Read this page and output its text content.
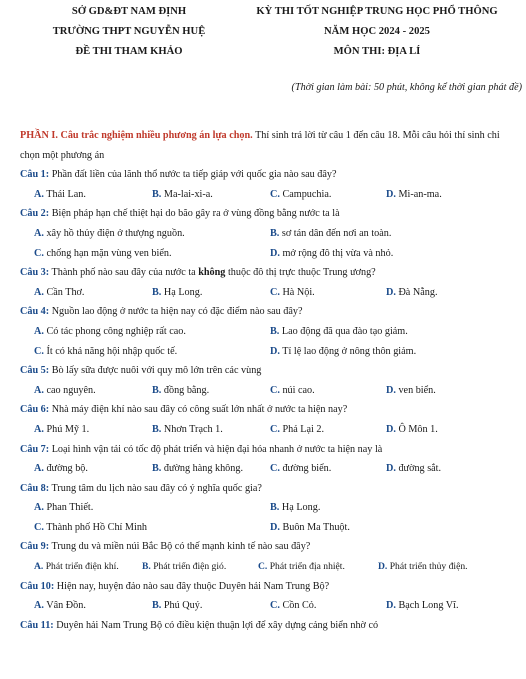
SỞ GD&ĐT NAM ĐỊNH
TRƯỜNG THPT NGUYỄN HUỆ
ĐỀ THI THAM KHẢO
KỲ THI TỐT NGHIỆP TRUNG HỌC PHỔ THÔNG
NĂM HỌC 2024 - 2025
MÔN THI: ĐỊA LÍ
(Thời gian làm bài: 50 phút, không kể thời gian phát đề)

PHẦN I. Câu trắc nghiệm nhiều phương án lựa chọn. Thí sinh trả lời từ câu 1 đến câu 18. Mỗi câu hỏi thí sinh chỉ chọn một phương án

Câu 1: Phần đất liền của lãnh thổ nước ta tiếp giáp với quốc gia nào sau đây?

A. Thái Lan.	B. Ma-lai-xi-a.	C. Campuchia.	D. Mi-an-ma.

Câu 2: Biện pháp hạn chế thiệt hại do bão gây ra ở vùng đồng bằng nước ta là

A. xây hồ thủy điện ở thượng nguồn.	B. sơ tán dân đến nơi an toàn.
C. chống hạn mặn vùng ven biển.	D. mở rộng đô thị vừa và nhỏ.

Câu 3: Thành phố nào sau đây của nước ta không thuộc đô thị trực thuộc Trung ương?

A. Cần Thơ.	B. Hạ Long.	C. Hà Nội.	D. Đà Nẵng.

Câu 4: Nguồn lao động ở nước ta hiện nay có đặc điểm nào sau đây?

A. Có tác phong công nghiệp rất cao.	B. Lao động đã qua đào tạo giảm.
C. Ít có khả năng hội nhập quốc tế.	D. Tỉ lệ lao động ở nông thôn giảm.

Câu 5: Bò lấy sữa được nuôi với quy mô lớn trên các vùng

A. cao nguyên.	B. đồng bằng.	C. núi cao.	D. ven biển.

Câu 6: Nhà máy điện khí nào sau đây có công suất lớn nhất ở nước ta hiện nay?

A. Phú Mỹ 1.	B. Nhơn Trạch 1.	C. Phả Lại 2.	D. Ô Môn 1.

Câu 7: Loại hình vận tải có tốc độ phát triển và hiện đại hóa nhanh ở nước ta hiện nay là

A. đường bộ.	B. đường hàng không.	C. đường biển.	D. đường sắt.

Câu 8: Trung tâm du lịch nào sau đây có ý nghĩa quốc gia?

A. Phan Thiết.	B. Hạ Long.
C. Thành phố Hồ Chí Minh	D. Buôn Ma Thuột.

Câu 9: Trung du và miền núi Bắc Bộ có thế mạnh kinh tế nào sau đây?

A. Phát triển điện khí. B. Phát triển điện gió.	C. Phát triển địa nhiệt.	D. Phát triển thủy điện.

Câu 10: Hiện nay, huyện đảo nào sau đây thuộc Duyên hải Nam Trung Bộ?

A. Vân Đồn.	B. Phú Quý.	C. Cồn Cỏ.	D. Bạch Long Vĩ.

Câu 11: Duyên hải Nam Trung Bộ có điều kiện thuận lợi để xây dựng cảng biển nhờ có
